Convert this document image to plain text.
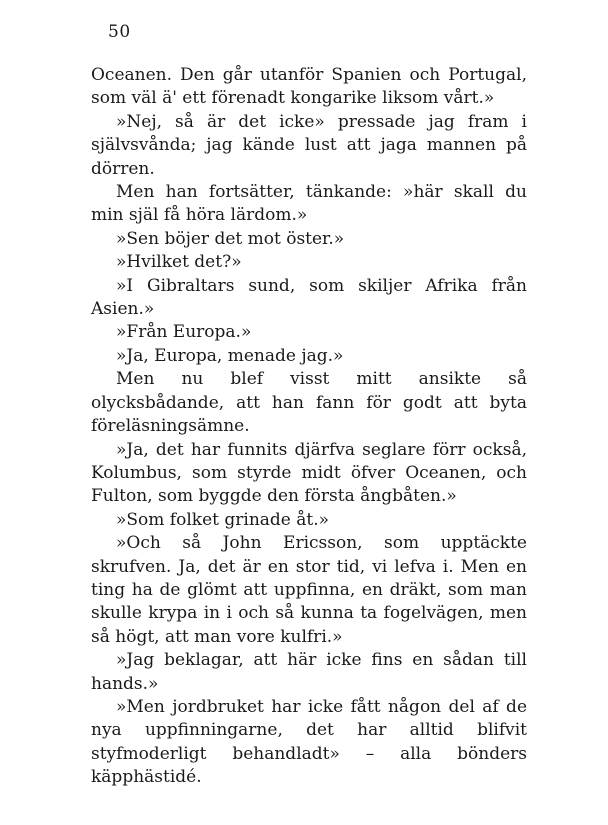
50

Oceanen. Den går utanför Spanien och Portugal, som väl ä' ett förenadt kongarike liksom vårt.»

»Nej, så är det icke» pressade jag fram i självsvånda; jag kände lust att jaga mannen på dörren.

Men han fortsätter, tänkande: »här skall du min själ få höra lärdom.»

»Sen böjer det mot öster.»

»Hvilket det?»

»I Gibraltars sund, som skiljer Afrika från Asien.»

»Från Europa.»

»Ja, Europa, menade jag.»

Men nu blef visst mitt ansikte så olycksbådande, att han fann för godt att byta föreläsningsämne.

»Ja, det har funnits djärfva seglare förr också, Kolumbus, som styrde midt öfver Oceanen, och Fulton, som byggde den första ångbåten.»

»Som folket grinade åt.»

»Och så John Ericsson, som upptäckte skrufven. Ja, det är en stor tid, vi lefva i. Men en ting ha de glömt att uppfinna, en dräkt, som man skulle krypa in i och så kunna ta fogelvägen, men så högt, att man vore kulfri.»

»Jag beklagar, att här icke fins en sådan till hands.»

»Men jordbruket har icke fått någon del af de nya uppfinningarne, det har alltid blifvit styfmoderligt behandladt» – alla bönders käpphästidé.
